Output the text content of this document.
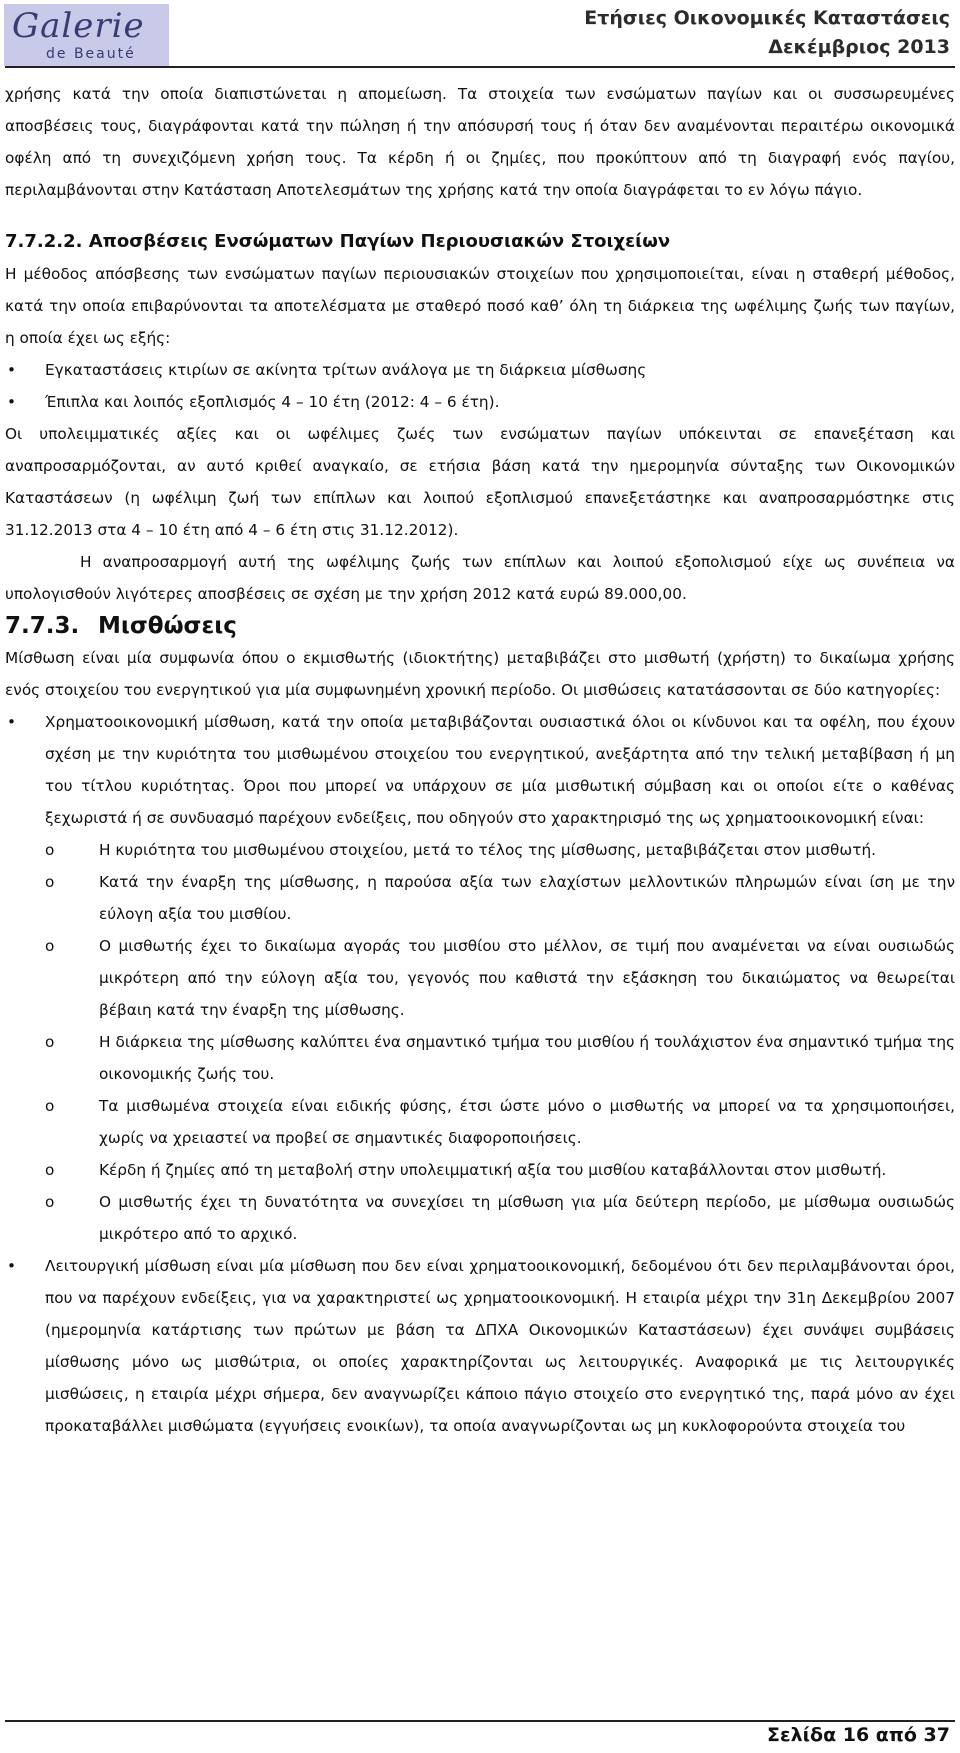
Galerie
de Beauté
Ετήσιες Οικονομικές Καταστάσεις
Δεκέμβριος 2013

χρήσης κατά την οποία διαπιστώνεται η απομείωση. Τα στοιχεία των ενσώματων παγίων και οι συσσωρευμένες αποσβέσεις τους, διαγράφονται κατά την πώληση ή την απόσυρσή τους ή όταν δεν αναμένονται περαιτέρω οικονομικά οφέλη από τη συνεχιζόμενη χρήση τους. Τα κέρδη ή οι ζημίες, που προκύπτουν από τη διαγραφή ενός παγίου, περιλαμβάνονται στην Κατάσταση Αποτελεσμάτων της χρήσης κατά την οποία διαγράφεται το εν λόγω πάγιο.

7.7.2.2. Αποσβέσεις Ενσώματων Παγίων Περιουσιακών Στοιχείων

Η μέθοδος απόσβεσης των ενσώματων παγίων περιουσιακών στοιχείων που χρησιμοποιείται, είναι η σταθερή μέθοδος, κατά την οποία επιβαρύνονται τα αποτελέσματα με σταθερό ποσό καθ’ όλη τη διάρκεια της ωφέλιμης ζωής των παγίων, η οποία έχει ως εξής:

• Εγκαταστάσεις κτιρίων σε ακίνητα τρίτων ανάλογα με τη διάρκεια μίσθωσης
• Έπιπλα και λοιπός εξοπλισμός 4 – 10 έτη (2012: 4 – 6 έτη).

Οι υπολειμματικές αξίες και οι ωφέλιμες ζωές των ενσώματων παγίων υπόκεινται σε επανεξέταση και αναπροσαρμόζονται, αν αυτό κριθεί αναγκαίο, σε ετήσια βάση κατά την ημερομηνία σύνταξης των Οικονομικών Καταστάσεων (η ωφέλιμη ζωή των επίπλων και λοιπού εξοπλισμού επανεξετάστηκε και αναπροσαρμόστηκε στις 31.12.2013 στα 4 – 10 έτη από 4 – 6 έτη στις 31.12.2012).

Η αναπροσαρμογή αυτή της ωφέλιμης ζωής των επίπλων και λοιπού εξοπολισμού είχε ως συνέπεια να υπολογισθούν λιγότερες αποσβέσεις σε σχέση με την χρήση 2012 κατά ευρώ 89.000,00.

7.7.3. Μισθώσεις

Μίσθωση είναι μία συμφωνία όπου ο εκμισθωτής (ιδιοκτήτης) μεταβιβάζει στο μισθωτή (χρήστη) το δικαίωμα χρήσης ενός στοιχείου του ενεργητικού για μία συμφωνημένη χρονική περίοδο. Οι μισθώσεις κατατάσσονται σε δύο κατηγορίες:

• Χρηματοοικονομική μίσθωση, κατά την οποία μεταβιβάζονται ουσιαστικά όλοι οι κίνδυνοι και τα οφέλη, που έχουν σχέση με την κυριότητα του μισθωμένου στοιχείου του ενεργητικού, ανεξάρτητα από την τελική μεταβίβαση ή μη του τίτλου κυριότητας. Όροι που μπορεί να υπάρχουν σε μία μισθωτική σύμβαση και οι οποίοι είτε ο καθένας ξεχωριστά ή σε συνδυασμό παρέχουν ενδείξεις, που οδηγούν στο χαρακτηρισμό της ως χρηματοοικονομική είναι:
o Η κυριότητα του μισθωμένου στοιχείου, μετά το τέλος της μίσθωσης, μεταβιβάζεται στον μισθωτή.
o Κατά την έναρξη της μίσθωσης, η παρούσα αξία των ελαχίστων μελλοντικών πληρωμών είναι ίση με την εύλογη αξία του μισθίου.
o Ο μισθωτής έχει το δικαίωμα αγοράς του μισθίου στο μέλλον, σε τιμή που αναμένεται να είναι ουσιωδώς μικρότερη από την εύλογη αξία του, γεγονός που καθιστά την εξάσκηση του δικαιώματος να θεωρείται βέβαιη κατά την έναρξη της μίσθωσης.
o Η διάρκεια της μίσθωσης καλύπτει ένα σημαντικό τμήμα του μισθίου ή τουλάχιστον ένα σημαντικό τμήμα της οικονομικής ζωής του.
o Τα μισθωμένα στοιχεία είναι ειδικής φύσης, έτσι ώστε μόνο ο μισθωτής να μπορεί να τα χρησιμοποιήσει, χωρίς να χρειαστεί να προβεί σε σημαντικές διαφοροποιήσεις.
o Κέρδη ή ζημίες από τη μεταβολή στην υπολειμματική αξία του μισθίου καταβάλλονται στον μισθωτή.
o Ο μισθωτής έχει τη δυνατότητα να συνεχίσει τη μίσθωση για μία δεύτερη περίοδο, με μίσθωμα ουσιωδώς μικρότερο από το αρχικό.
• Λειτουργική μίσθωση είναι μία μίσθωση που δεν είναι χρηματοοικονομική, δεδομένου ότι δεν περιλαμβάνονται όροι, που να παρέχουν ενδείξεις, για να χαρακτηριστεί ως χρηματοοικονομική. Η εταιρία μέχρι την 31η Δεκεμβρίου 2007 (ημερομηνία κατάρτισης των πρώτων με βάση τα ΔΠΧΑ Οικονομικών Καταστάσεων) έχει συνάψει συμβάσεις μίσθωσης μόνο ως μισθώτρια, οι οποίες χαρακτηρίζονται ως λειτουργικές. Αναφορικά με τις λειτουργικές μισθώσεις, η εταιρία μέχρι σήμερα, δεν αναγνωρίζει κάποιο πάγιο στοιχείο στο ενεργητικό της, παρά μόνο αν έχει προκαταβάλλει μισθώματα (εγγυήσεις ενοικίων), τα οποία αναγνωρίζονται ως μη κυκλοφορούντα στοιχεία του
Σελίδα 16 από 37
